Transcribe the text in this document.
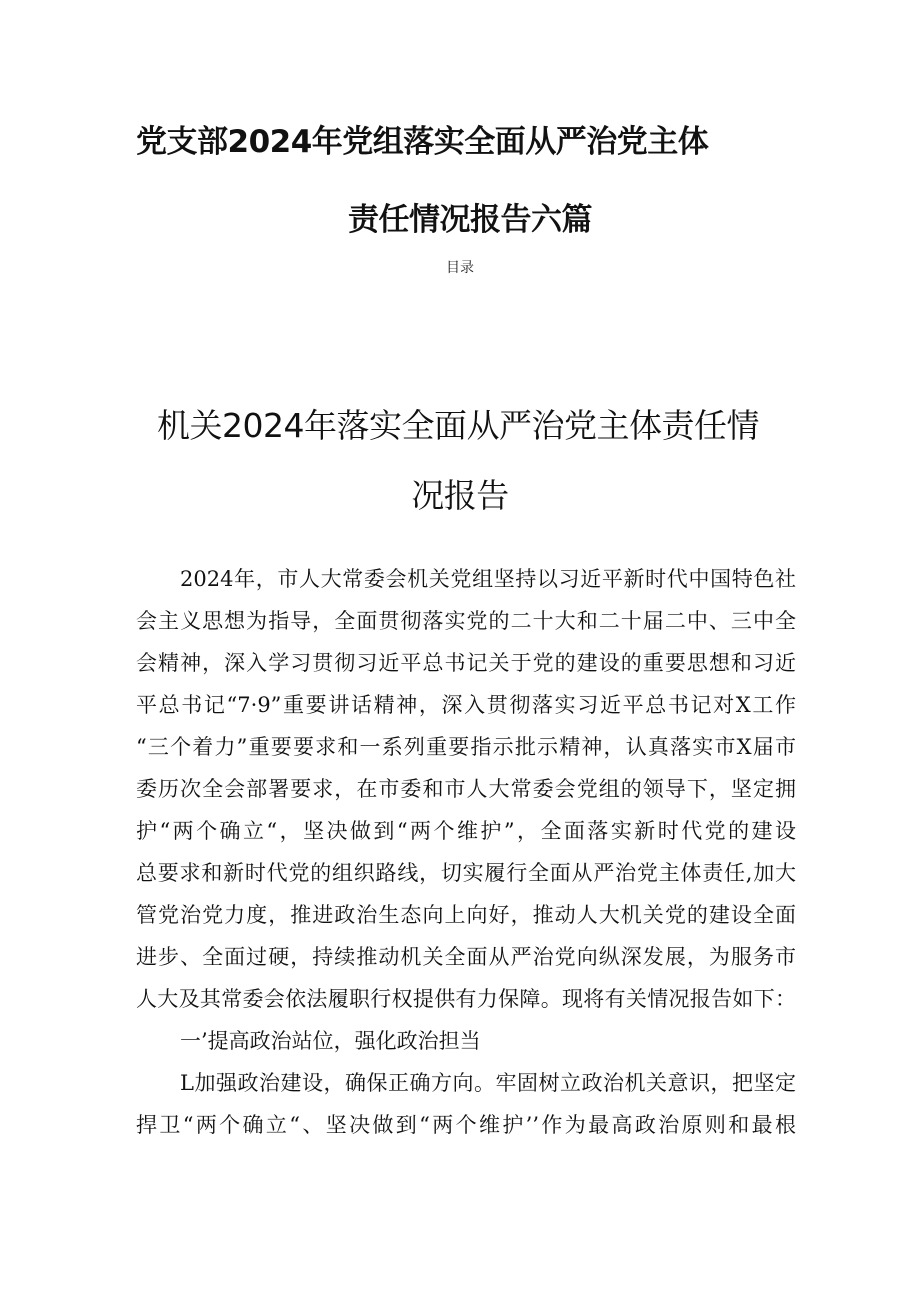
党支部2024年党组落实全面从严治党主体
责任情况报告六篇
目录
机关2024年落实全面从严治党主体责任情
况报告
2024年，市人大常委会机关党组坚持以习近平新时代中国特色社
会主义思想为指导，全面贯彻落实党的二十大和二十届二中、三中全
会精神，深入学习贯彻习近平总书记关于党的建设的重要思想和习近
平总书记“7·9”重要讲话精神，深入贯彻落实习近平总书记对X工作
“三个着力”重要要求和一系列重要指示批示精神，认真落实市X届市
委历次全会部署要求，在市委和市人大常委会党组的领导下，坚定拥
护“两个确立“，坚决做到“两个维护”，全面落实新时代党的建设
总要求和新时代党的组织路线，切实履行全面从严治党主体责任,加大
管党治党力度，推进政治生态向上向好，推动人大机关党的建设全面
进步、全面过硬，持续推动机关全面从严治党向纵深发展，为服务市
人大及其常委会依法履职行权提供有力保障。现将有关情况报告如下：
一’提高政治站位，强化政治担当
L加强政治建设，确保正确方向。牢固树立政治机关意识，把坚定
捍卫“两个确立“、坚决做到“两个维护’’作为最高政治原则和最根
